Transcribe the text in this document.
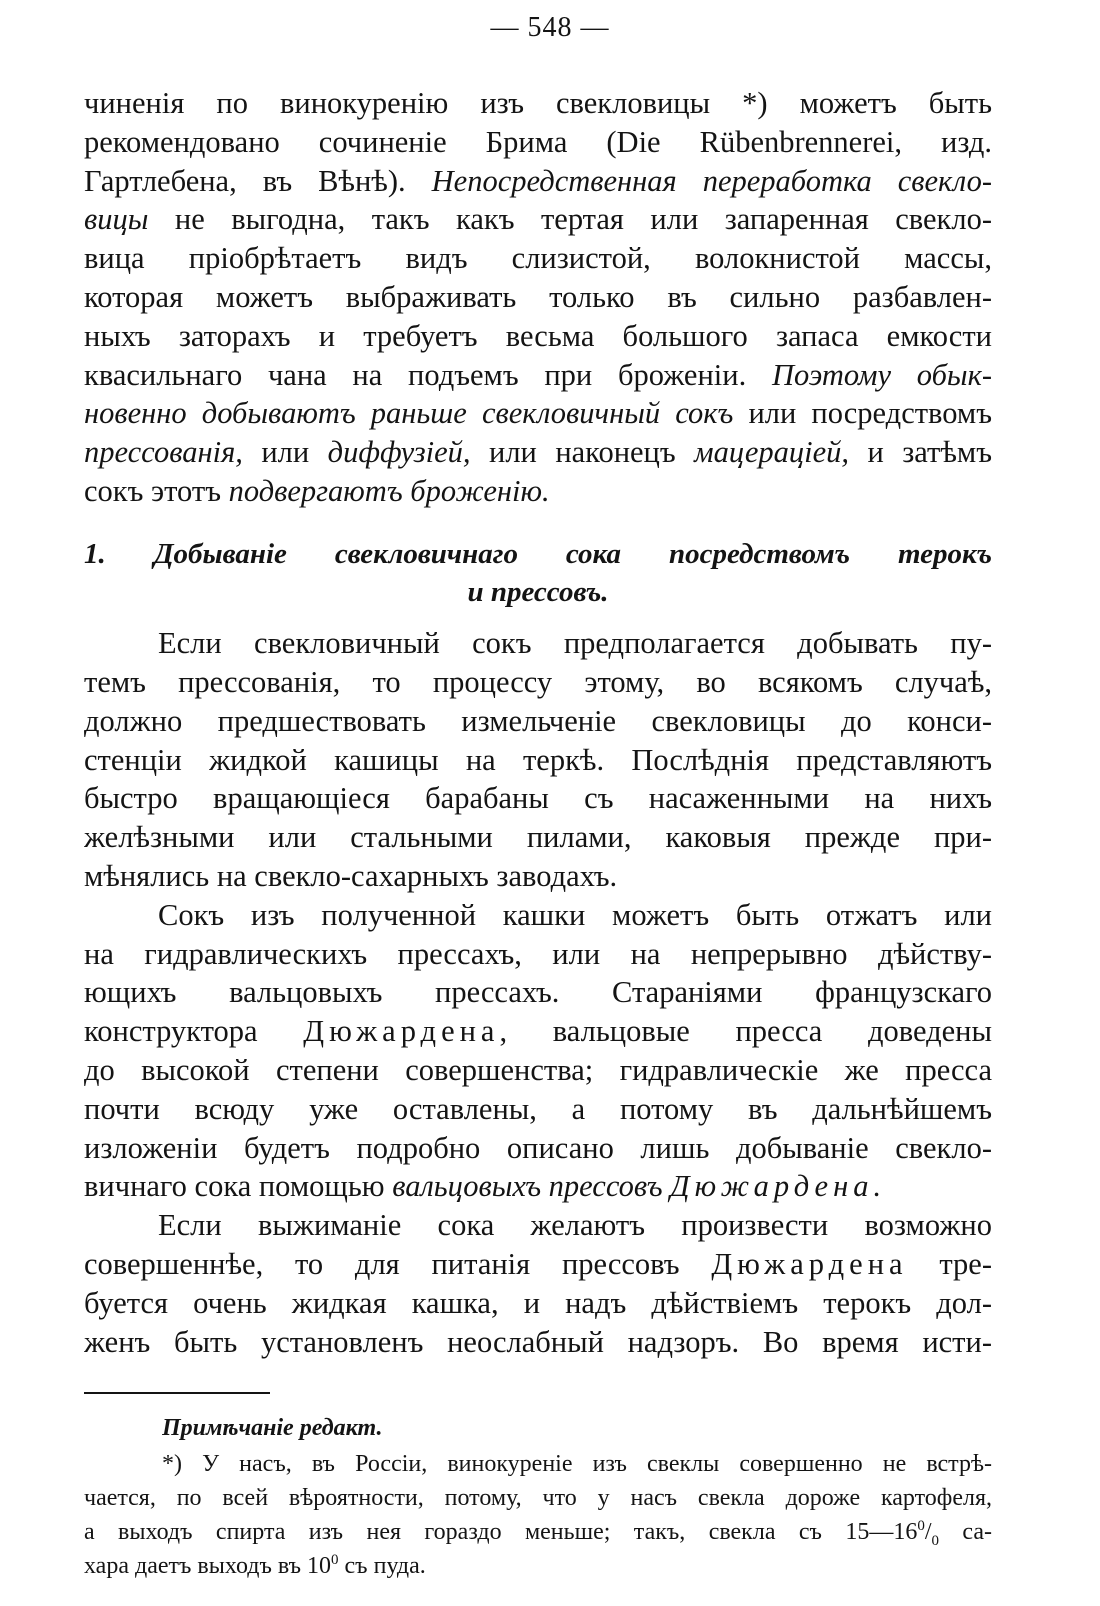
— 548 —
чиненія по винокуренію изъ свекловицы *) можетъ быть
рекомендовано сочиненіе Брима (Die Rübenbrennerei, изд.
Гартлебена, въ Вѣнѣ). Непосредственная переработка свекло-
вицы не выгодна, такъ какъ тертая или запаренная свекло-
вица пріобрѣтаетъ видъ слизистой, волокнистой массы,
которая можетъ выбраживать только въ сильно разбавлен-
ныхъ заторахъ и требуетъ весьма большого запаса емкости
квасильнаго чана на подъемъ при броженіи. Поэтому обык-
новенно добываютъ раньше свекловичный сокъ или посредствомъ
прессованія, или диффузіей, или наконецъ мацераціей, и затѣмъ
сокъ этотъ подвергаютъ броженію.
1. Добываніе свекловичнаго сока посредствомъ терокъ
и прессовъ.
Если свекловичный сокъ предполагается добывать пу-
темъ прессованія, то процессу этому, во всякомъ случаѣ,
должно предшествовать измельченіе свекловицы до конси-
стенціи жидкой кашицы на теркѣ. Послѣднія представляютъ
быстро вращающіеся барабаны съ насаженными на нихъ
желѣзными или стальными пилами, каковыя прежде при-
мѣнялись на свекло-сахарныхъ заводахъ.
Сокъ изъ полученной кашки можетъ быть отжатъ или
на гидравлическихъ прессахъ, или на непрерывно дѣйству-
ющихъ вальцовыхъ прессахъ. Стараніями французскаго
конструктора Дюжардена, вальцовые пресса доведены
до высокой степени совершенства; гидравлическіе же пресса
почти всюду уже оставлены, а потому въ дальнѣйшемъ
изложеніи будетъ подробно описано лишь добываніе свекло-
вичнаго сока помощью вальцовыхъ прессовъ Дюжардена.
Если выжиманіе сока желаютъ произвести возможно
совершеннѣе, то для питанія прессовъ Дюжардена тре-
буется очень жидкая кашка, и надъ дѣйствіемъ терокъ дол-
женъ быть установленъ неослабный надзоръ. Во время исти-
Примѣчаніе редакт.
*) У насъ, въ Россіи, винокуреніе изъ свеклы совершенно не встрѣ-
чается, по всей вѣроятности, потому, что у насъ свекла дороже картофеля,
а выходъ спирта изъ нея гораздо меньше; такъ, свекла съ $15—16^0/_0$ са-
хара даетъ выходъ въ $10^0$ съ пуда.
